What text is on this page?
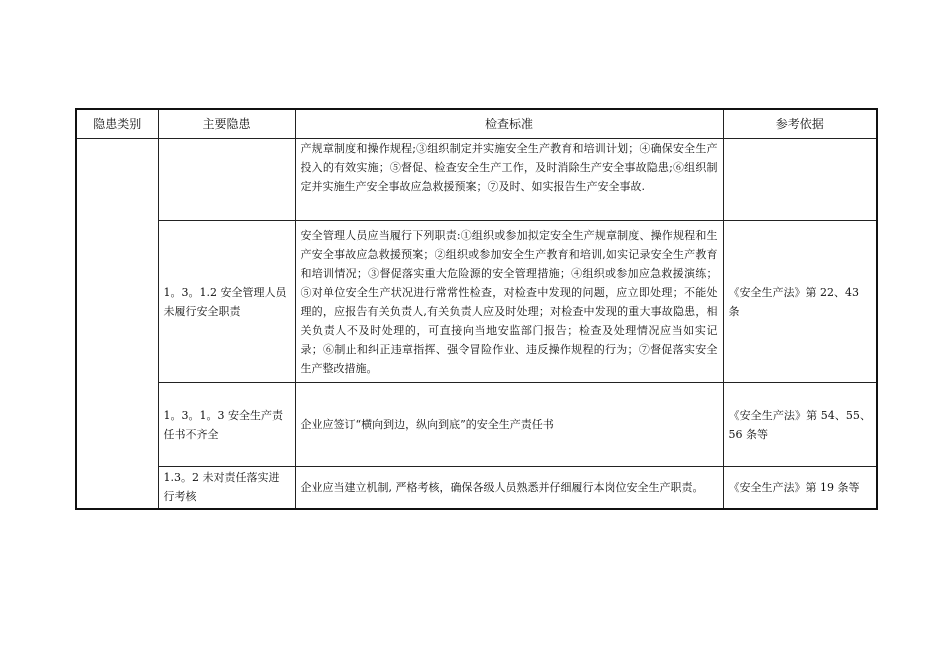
隐患类别	主要隐患	检查标准	参考依据
		产规章制度和操作规程;③组织制定并实施安全生产教育和培训计划；④确保安全生产投入的有效实施；⑤督促、检查安全生产工作，及时消除生产安全事故隐患;⑥组织制定并实施生产安全事故应急救援预案；⑦及时、如实报告生产安全事故.	
	1。3。1.2 安全管理人员未履行安全职责	安全管理人员应当履行下列职责:①组织或参加拟定安全生产规章制度、操作规程和生产安全事故应急救援预案；②组织或参加安全生产教育和培训,如实记录安全生产教育和培训情况；③督促落实重大危险源的安全管理措施；④组织或参加应急救援演练；⑤对单位安全生产状况进行常常性检查，对检查中发现的问题，应立即处理；不能处理的，应报告有关负责人,有关负责人应及时处理；对检查中发现的重大事故隐患，相关负责人不及时处理的，可直接向当地安监部门报告；检查及处理情况应当如实记录；⑥制止和纠正违章指挥、强令冒险作业、违反操作规程的行为；⑦督促落实安全生产整改措施。	《安全生产法》第 22、43 条
	1。3。1。3 安全生产责任书不齐全	企业应签订“横向到边，纵向到底”的安全生产责任书	《安全生产法》第 54、55、56 条等
	1.3。2 未对责任落实进行考核	企业应当建立机制, 严格考核，确保各级人员熟悉并仔细履行本岗位安全生产职责。	《安全生产法》第 19 条等
